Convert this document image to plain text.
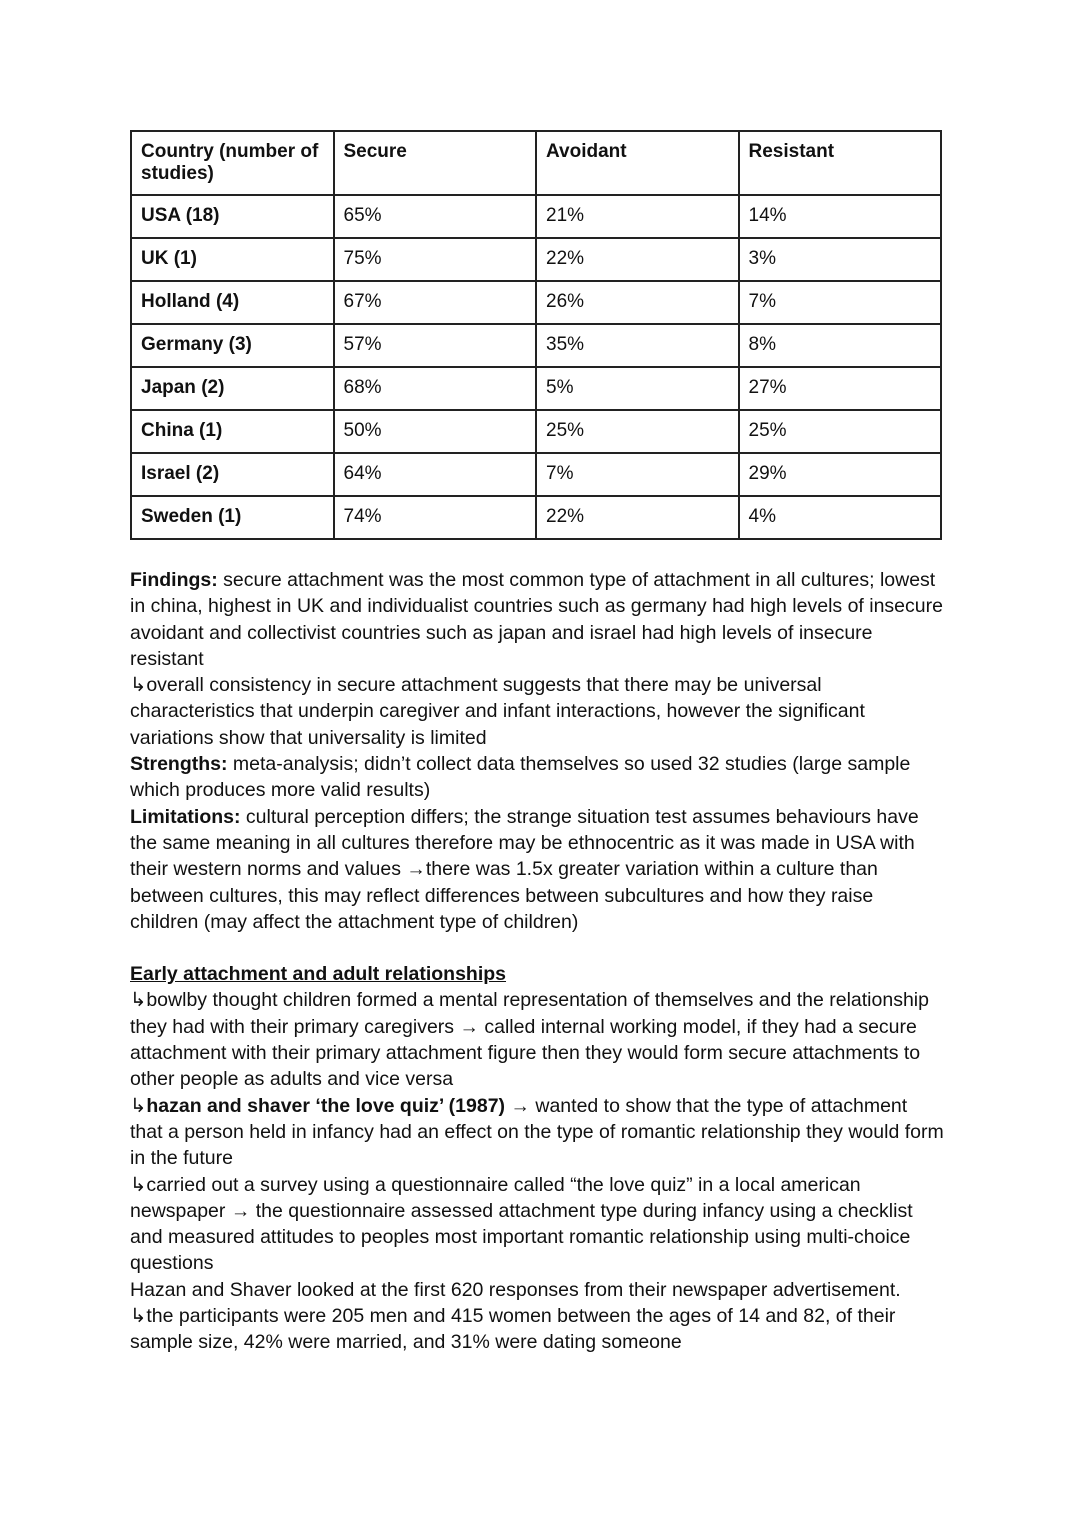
Country (number of studies)	Secure	Avoidant	Resistant
USA (18)	65%	21%	14%
UK (1)	75%	22%	3%
Holland (4)	67%	26%	7%
Germany (3)	57%	35%	8%
Japan (2)	68%	5%	27%
China (1)	50%	25%	25%
Israel (2)	64%	7%	29%
Sweden (1)	74%	22%	4%

Findings: secure attachment was the most common type of attachment in all cultures; lowest in china, highest in UK and individualist countries such as germany had high levels of insecure avoidant and collectivist countries such as japan and israel had high levels of insecure resistant

↳overall consistency in secure attachment suggests that there may be universal characteristics that underpin caregiver and infant interactions, however the significant variations show that universality is limited

Strengths: meta-analysis; didn’t collect data themselves so used 32 studies (large sample which produces more valid results)

Limitations: cultural perception differs; the strange situation test assumes behaviours have the same meaning in all cultures therefore may be ethnocentric as it was made in USA with their western norms and values →there was 1.5x greater variation within a culture than between cultures, this may reflect differences between subcultures and how they raise children (may affect the attachment type of children)

Early attachment and adult relationships

↳bowlby thought children formed a mental representation of themselves and the relationship they had with their primary caregivers → called internal working model, if they had a secure attachment with their primary attachment figure then they would form secure attachments to other people as adults and vice versa

↳hazan and shaver ‘the love quiz’ (1987) → wanted to show that the type of attachment that a person held in infancy had an effect on the type of romantic relationship they would form in the future

↳carried out a survey using a questionnaire called “the love quiz” in a local american newspaper → the questionnaire assessed attachment type during infancy using a checklist and measured attitudes to peoples most important romantic relationship using multi-choice questions

Hazan and Shaver looked at the first 620 responses from their newspaper advertisement.

↳the participants were 205 men and 415 women between the ages of 14 and 82, of their sample size, 42% were married, and 31% were dating someone
